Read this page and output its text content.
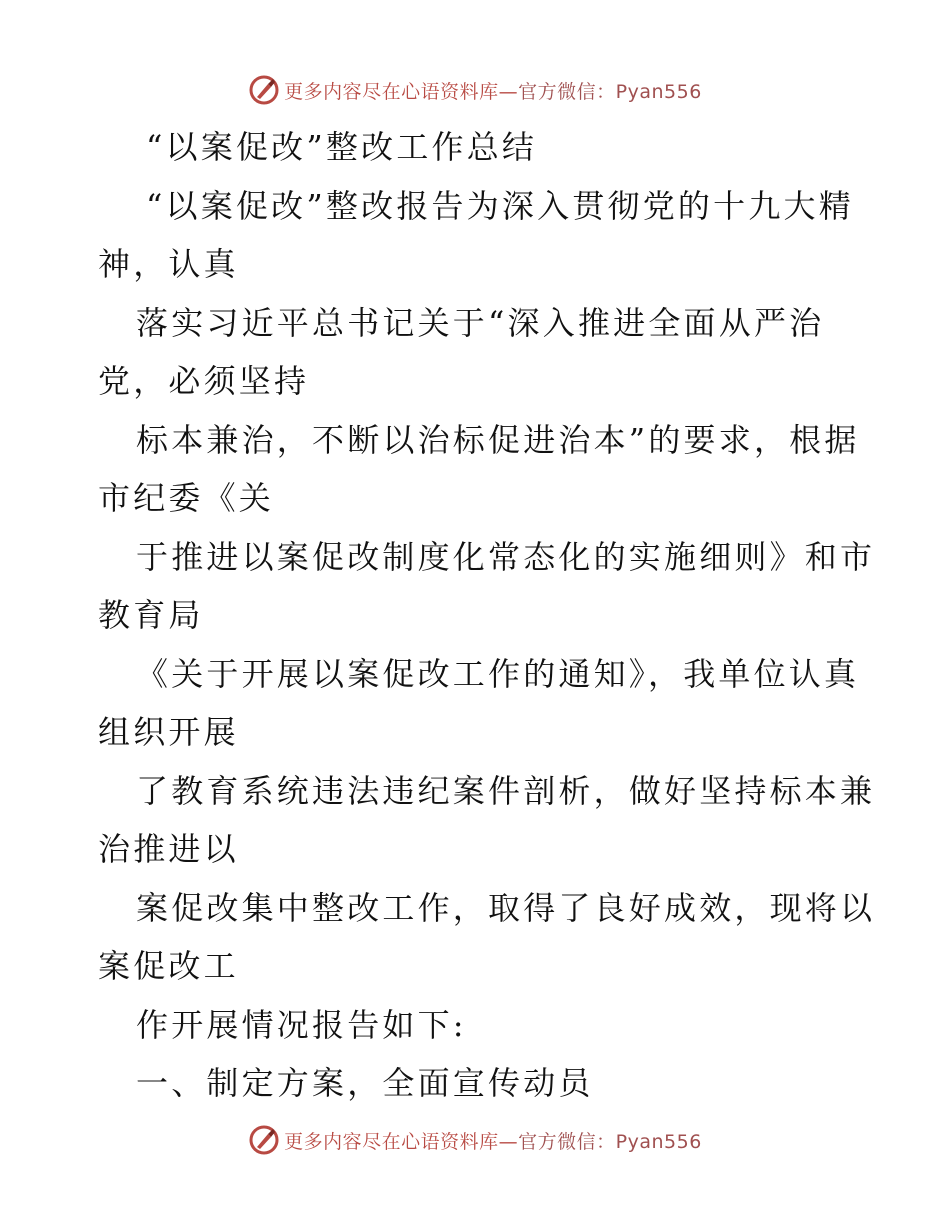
更多内容尽在心语资料库—官方微信：Pyan556
“以案促改”整改工作总结
“以案促改”整改报告为深入贯彻党的十九大精
神，认真
落实习近平总书记关于“深入推进全面从严治
党，必须坚持
标本兼治，不断以治标促进治本”的要求，根据
市纪委《关
于推进以案促改制度化常态化的实施细则》和市
教育局
《关于开展以案促改工作的通知》，我单位认真
组织开展
了教育系统违法违纪案件剖析，做好坚持标本兼
治推进以
案促改集中整改工作，取得了良好成效，现将以
案促改工
作开展情况报告如下:
一、制定方案，全面宣传动员
更多内容尽在心语资料库—官方微信：Pyan556
